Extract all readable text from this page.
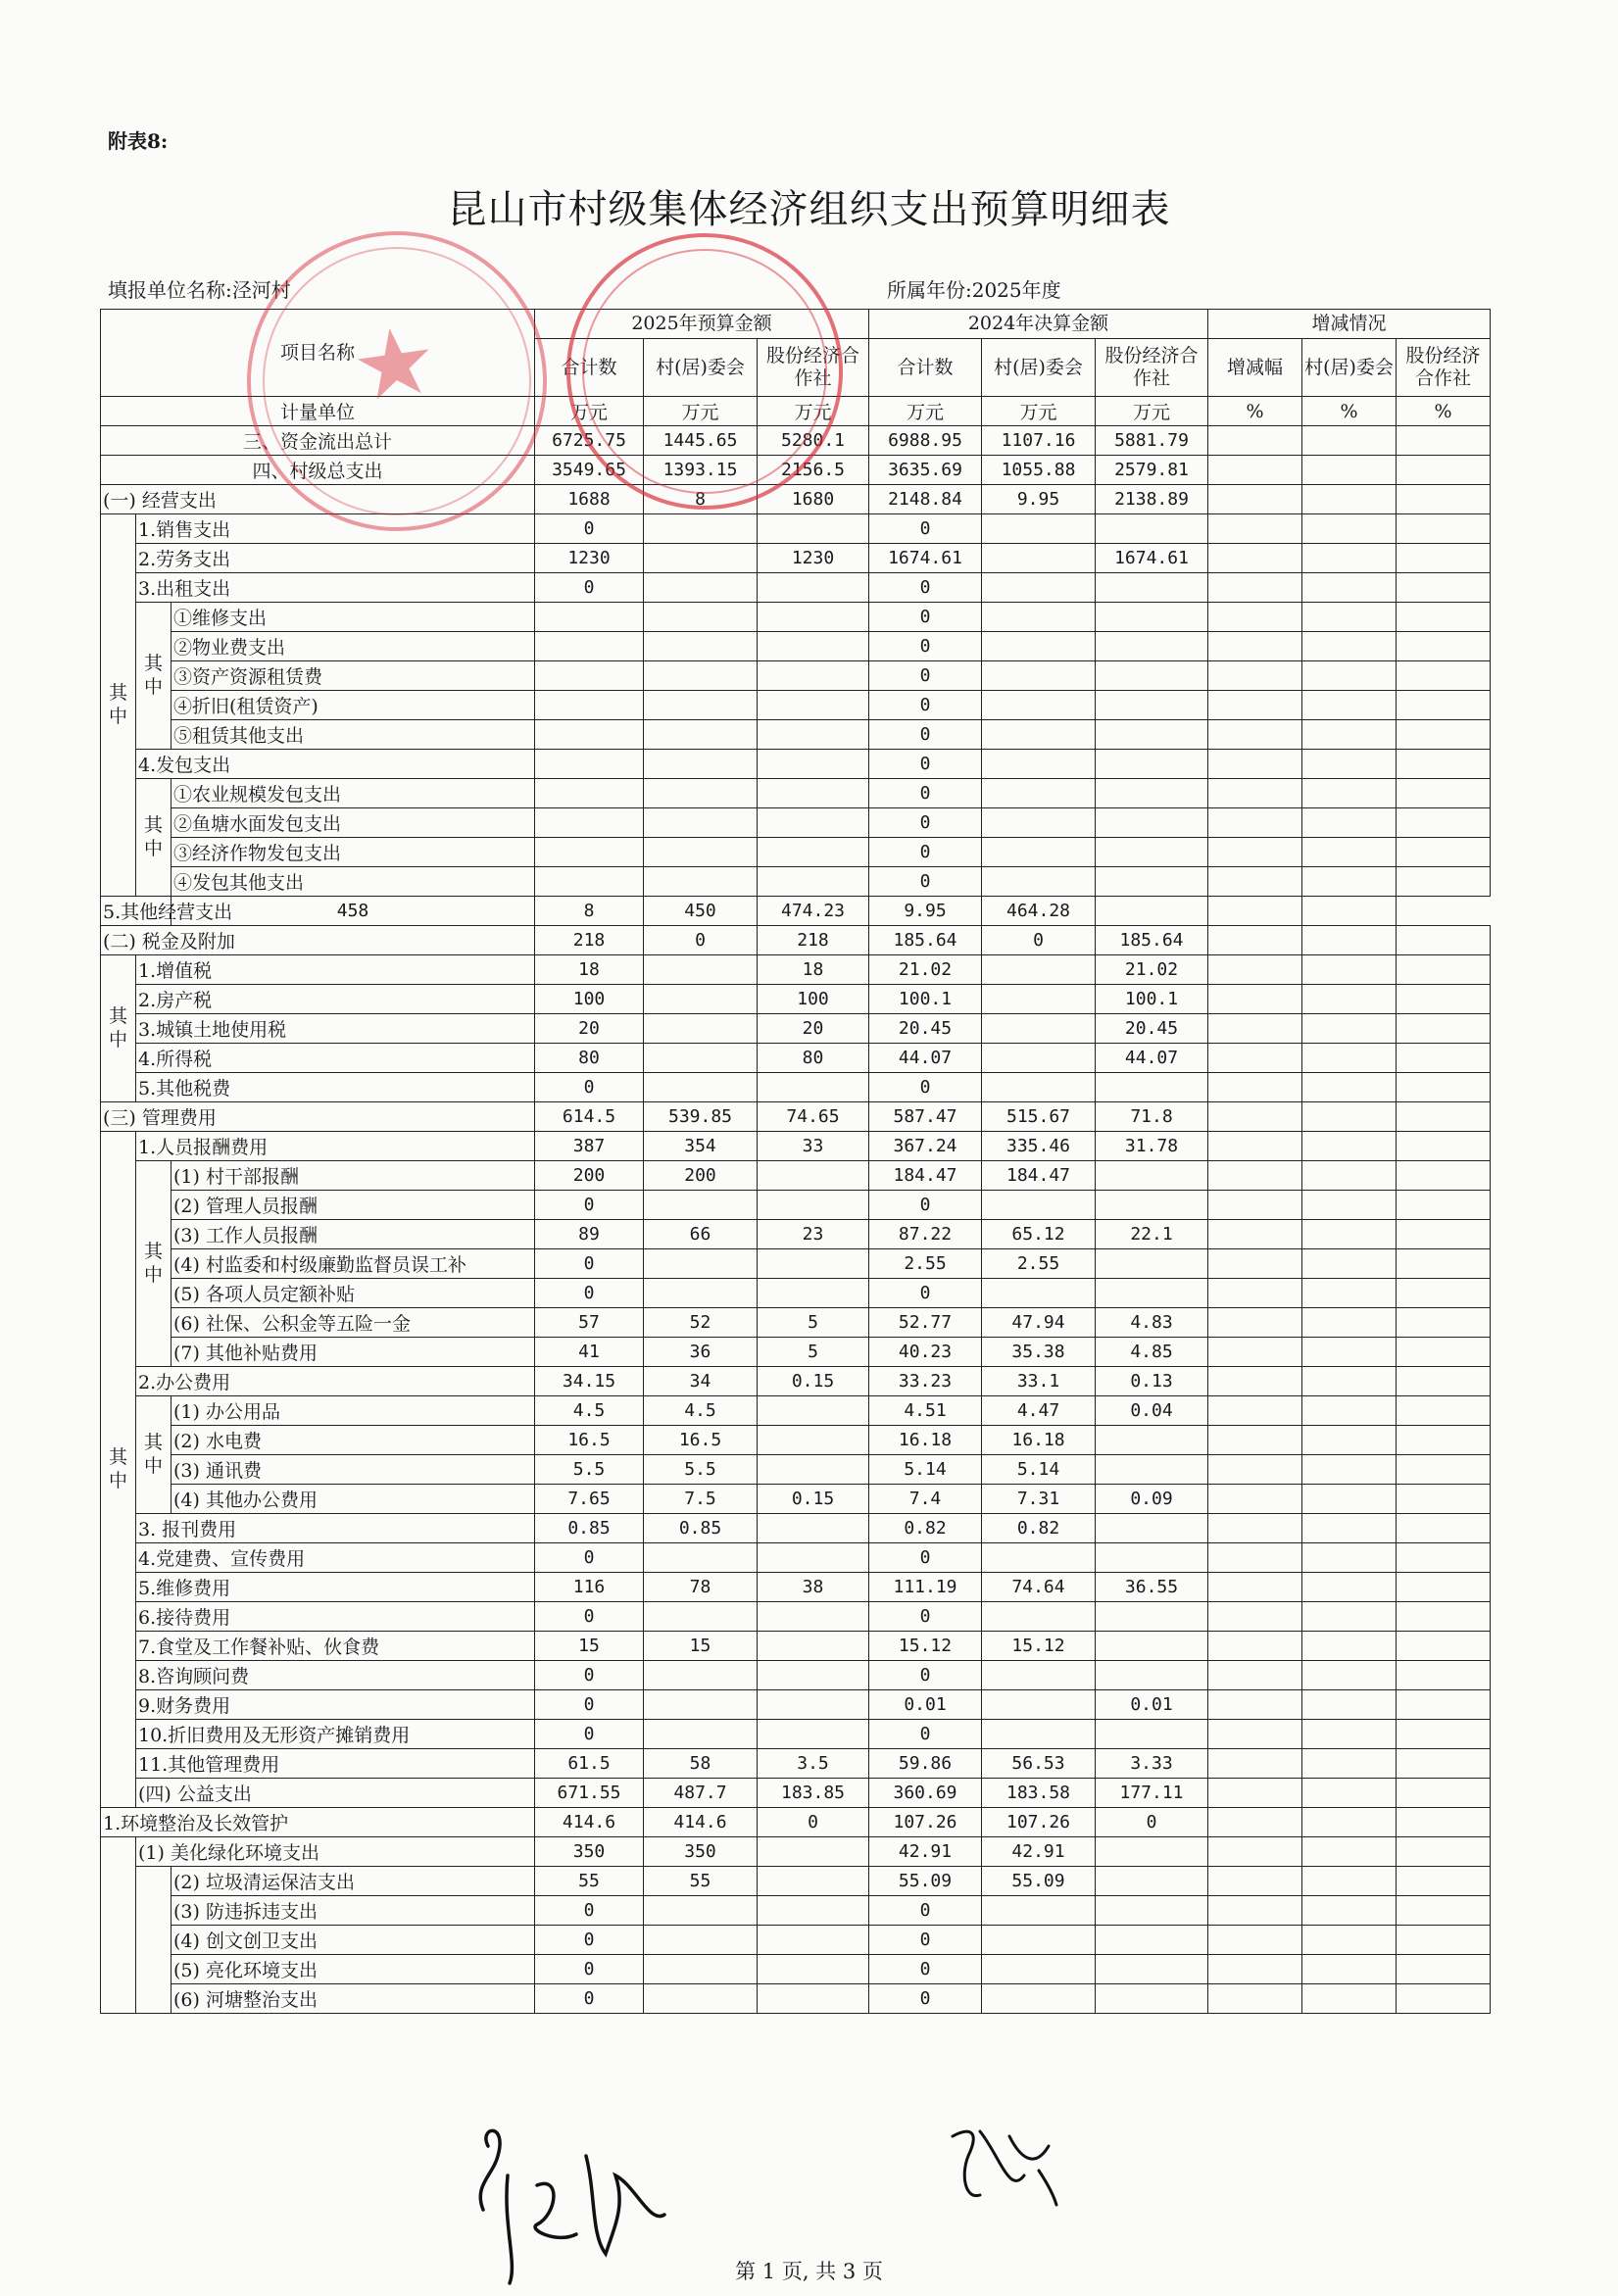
附表8:
昆山市村级集体经济组织支出预算明细表
填报单位名称:泾河村	所属年份:2025年度
项目名称			2025年预算金额			2024年决算金额			增减情况		
			合计数	村(居)委会	股份经济合作社	合计数	村(居)委会	股份经济合作社	增减幅	村(居)委会	股份经济合作社
计量单位			万元	万元	万元	万元	万元	万元	%	%	%
三、资金流出总计			6725.75	1445.65	5280.1	6988.95	1107.16	5881.79			
四、村级总支出			3549.65	1393.15	2156.5	3635.69	1055.88	2579.81			
(一) 经营支出			1688	8	1680	2148.84	9.95	2138.89			
其中	1.销售支出		0			0					
	2.劳务支出		1230		1230	1674.61		1674.61			
	3.出租支出		0			0					
	其中	①维修支出				0					
		②物业费支出				0					
		③资产资源租赁费				0					
		④折旧(租赁资产)				0					
		⑤租赁其他支出				0					
	4.发包支出					0					
	其中	①农业规模发包支出				0					
		②鱼塘水面发包支出				0					
		③经济作物发包支出				0					
		④发包其他支出				0					
5.其他经营支出		458	8	450	474.23	9.95	464.28				
(二) 税金及附加			218	0	218	185.64	0	185.64			
其中	1.增值税		18		18	21.02		21.02			
	2.房产税		100		100	100.1		100.1			
	3.城镇土地使用税		20		20	20.45		20.45			
	4.所得税		80		80	44.07		44.07			
	5.其他税费		0			0					
(三) 管理费用			614.5	539.85	74.65	587.47	515.67	71.8			
其中	1.人员报酬费用		387	354	33	367.24	335.46	31.78			
	其中	(1) 村干部报酬	200	200		184.47	184.47				
		(2) 管理人员报酬	0			0					
		(3) 工作人员报酬	89	66	23	87.22	65.12	22.1			
		(4) 村监委和村级廉勤监督员误工补	0			2.55	2.55				
		(5) 各项人员定额补贴	0			0					
		(6) 社保、公积金等五险一金	57	52	5	52.77	47.94	4.83			
		(7) 其他补贴费用	41	36	5	40.23	35.38	4.85			
	2.办公费用		34.15	34	0.15	33.23	33.1	0.13			
	其中	(1) 办公用品	4.5	4.5		4.51	4.47	0.04			
		(2) 水电费	16.5	16.5		16.18	16.18				
		(3) 通讯费	5.5	5.5		5.14	5.14				
		(4) 其他办公费用	7.65	7.5	0.15	7.4	7.31	0.09			
	3. 报刊费用		0.85	0.85		0.82	0.82				
	4.党建费、宣传费用		0			0					
	5.维修费用		116	78	38	111.19	74.64	36.55			
	6.接待费用		0			0					
	7.食堂及工作餐补贴、伙食费		15	15		15.12	15.12				
	8.咨询顾问费		0			0					
	9.财务费用		0			0.01		0.01			
	10.折旧费用及无形资产摊销费用		0			0					
	11.其他管理费用		61.5	58	3.5	59.86	56.53	3.33			
	(四) 公益支出		671.55	487.7	183.85	360.69	183.58	177.11			
1.环境整治及长效管护			414.6	414.6	0	107.26	107.26	0			
	(1) 美化绿化环境支出		350	350		42.91	42.91				
		(2) 垃圾清运保洁支出	55	55		55.09	55.09				
		(3) 防违拆违支出	0			0					
		(4) 创文创卫支出	0			0					
		(5) 亮化环境支出	0			0					
		(6) 河塘整治支出	0			0					
★
第 1 页, 共 3 页
